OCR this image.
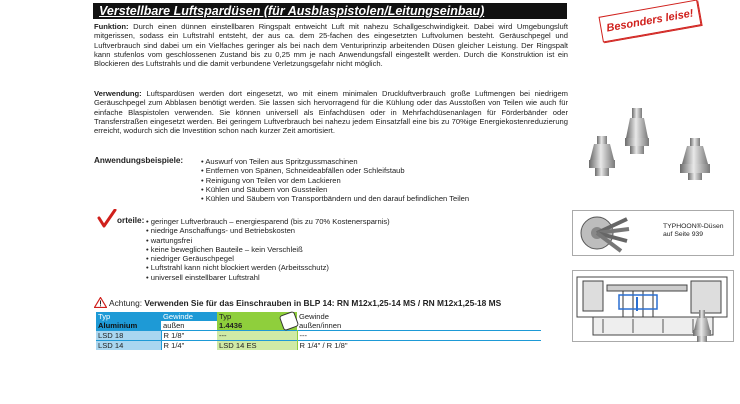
Verstellbare Luftspardüsen (für Ausblaspistolen/Leitungseinbau)	Besonders leise!
Funktion: Durch einen dünnen einstellbaren Ringspalt entweicht Luft mit nahezu Schallgeschwindigkeit. Dabei wird Umgebungsluft mitgerissen, sodass ein Luftstrahl entsteht, der aus ca. dem 25-fachen des eingesetzten Luftvolumen besteht. Geräuschpegel und Luftverbrauch sind dabei um ein Vielfaches geringer als bei nach dem Venturiprinzip arbeitenden Düsen gleicher Leistung. Der Ringspalt kann stufenlos vom geschlossenen Zustand bis zu 0,25 mm je nach Anwendungsfall eingestellt werden. Durch die Konstruktion ist ein Blockieren des Luftstrahls und die damit verbundene Verletzungsgefahr nicht möglich.
Verwendung: Luftspardüsen werden dort eingesetzt, wo mit einem minimalen Druckluftverbrauch große Luftmengen bei niedrigem Geräuschpegel zum Abblasen benötigt werden. Sie lassen sich hervorragend für die Kühlung oder das Ausstoßen von Teilen wie auch für einfache Blaspistolen verwenden. Sie können universell als Einfachdüsen oder in Mehrfachdüsenanlagen für Förderbänder oder Transferstraßen eingesetzt werden. Bei geringem Luftverbrauch bei nahezu jedem Einsatzfall eine bis zu 70%ige Energiekostenreduzierung erreicht, wodurch sich die Investition schon nach kurzer Zeit amortisiert.
Anwendungsbeispiele:	• Auswurf von Teilen aus Spritzgussmaschinen
• Entfernen von Spänen, Schneideabfällen oder Schleifstaub
• Reinigung von Teilen vor dem Lackieren
• Kühlen und Säubern von Gussteilen
• Kühlen und Säubern von Transportbändern und den darauf befindlichen Teilen
orteile: • geringer Luftverbrauch – energiesparend (bis zu 70% Kostenersparnis)
• niedrige Anschaffungs- und Betriebskosten
• wartungsfrei
• keine beweglichen Bauteile – kein Verschleiß
• niedriger Geräuschpegel
• Luftstrahl kann nicht blockiert werden (Arbeitsschutz)
• universell einstellbarer Luftstrahl
Achtung: Verwenden Sie für das Einschrauben in BLP 14: RN M12x1,25-14 MS / RN M12x1,25-18 MS
Typ	Gewinde	Typ	Rostfrei	Gewinde
Aluminium	außen	1.4436		außen/innen
LSD 18	R 1/8"	---		---
LSD 14	R 1/4"	LSD 14 ES		R 1/4" / R 1/8"
TYPHOON®-Düsen
auf Seite 939
